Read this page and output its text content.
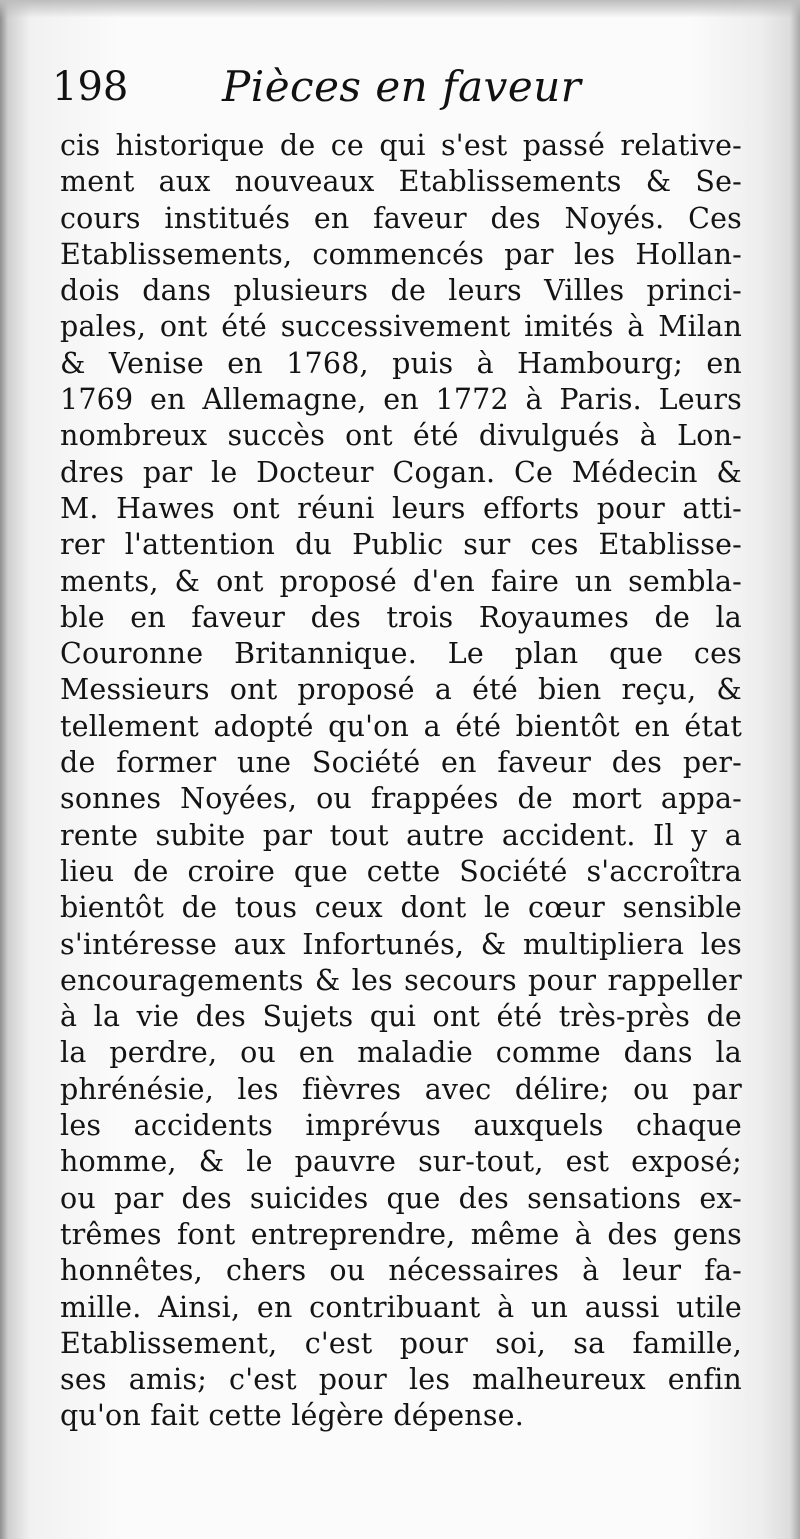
198 Pièces en faveur
cis historique de ce qui s'est passé relative-
ment aux nouveaux Etablissements & Se-
cours institués en faveur des Noyés. Ces
Etablissements, commencés par les Hollan-
dois dans plusieurs de leurs Villes princi-
pales, ont été successivement imités à Milan
& Venise en 1768, puis à Hambourg; en
1769 en Allemagne, en 1772 à Paris. Leurs
nombreux succès ont été divulgués à Lon-
dres par le Docteur Cogan. Ce Médecin &
M. Hawes ont réuni leurs efforts pour atti-
rer l'attention du Public sur ces Etablisse-
ments, & ont proposé d'en faire un sembla-
ble en faveur des trois Royaumes de la
Couronne Britannique. Le plan que ces
Messieurs ont proposé a été bien reçu, &
tellement adopté qu'on a été bientôt en état
de former une Société en faveur des per-
sonnes Noyées, ou frappées de mort appa-
rente subite par tout autre accident. Il y a
lieu de croire que cette Société s'accroîtra
bientôt de tous ceux dont le cœur sensible
s'intéresse aux Infortunés, & multipliera les
encouragements & les secours pour rappeller
à la vie des Sujets qui ont été très-près de
la perdre, ou en maladie comme dans la
phrénésie, les fièvres avec délire; ou par
les accidents imprévus auxquels chaque
homme, & le pauvre sur-tout, est exposé;
ou par des suicides que des sensations ex-
trêmes font entreprendre, même à des gens
honnêtes, chers ou nécessaires à leur fa-
mille. Ainsi, en contribuant à un aussi utile
Etablissement, c'est pour soi, sa famille,
ses amis; c'est pour les malheureux enfin
qu'on fait cette légère dépense.
